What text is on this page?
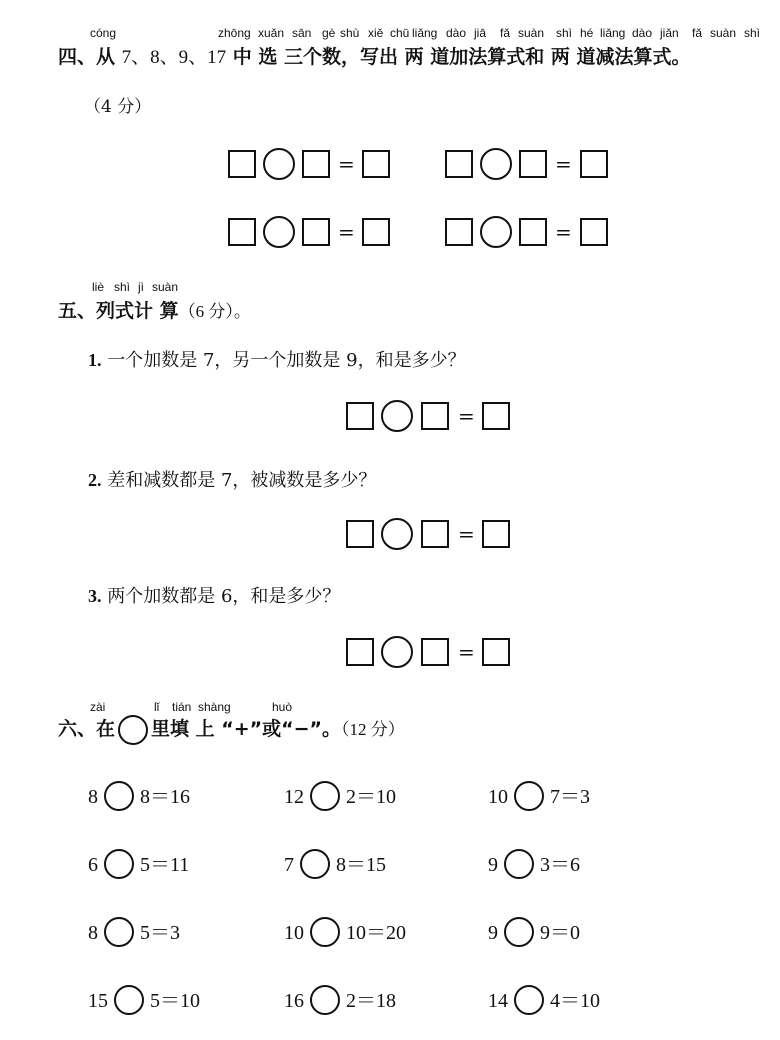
cóng	zhōng xuǎn sān gè shù xiě chū liǎng dào jiā fǎ suàn shì hé liǎng dào jiǎn fǎ suàn shì
四、从 7、8、9、17 中 选 三个数，写出 两 道加法算式和 两 道减法算式。
（4 分）
=	=
=	=
liè shì jì suàn
五、列式计 算（6 分）。
1. 一个加数是 7，另一个加数是 9，和是多少？
=
2. 差和减数都是 7，被减数是多少？
=
3. 两个加数都是 6，和是多少？
=
zài	lǐ tián shàng	huò
六、在 里填 上 “+”或“−”。（12 分）
8 8＝16	12 2＝10	10 7＝3
6 5＝11	7 8＝15	9 3＝6
8 5＝3	10 10＝20	9 9＝0
15 5＝10	16 2＝18	14 4＝10
